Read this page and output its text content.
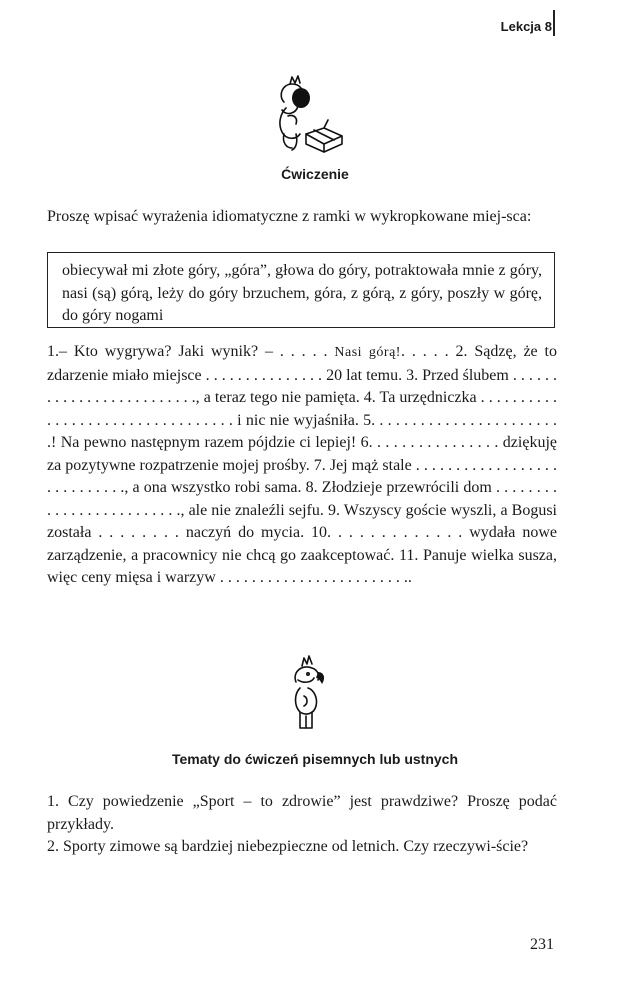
Lekcja 8
Ćwiczenie
Proszę wpisać wyrażenia idiomatyczne z ramki w wykropkowane miej-sca:
obiecywał mi złote góry, „góra”, głowa do góry, potraktowała mnie z góry, nasi (są) górą, leży do góry brzuchem, góra, z górą, z góry, poszły w górę, do góry nogami
1.– Kto wygrywa? Jaki wynik? – . . . . . Nasi górą!. . . . . 2. Sądzę, że to zdarzenie miało miejsce . . . . . . . . . . . . . . . 20 lat temu. 3. Przed ślubem . . . . . . . . . . . . . . . . . . . . . . . . ., a teraz tego nie pamięta. 4. Ta urzędniczka . . . . . . . . . . . . . . . . . . . . . . . . . . . . . . . . . i nic nie wyjaśniła. 5. . . . . . . . . . . . . . . . . . . . . . . .! Na pewno następnym razem pójdzie ci lepiej! 6. . . . . . . . . . . . . . . . dziękuję za pozytywne rozpatrzenie mojej prośby. 7. Jej mąż stale . . . . . . . . . . . . . . . . . . . . . . . . . . . ., a ona wszystko robi sama. 8. Złodzieje przewrócili dom . . . . . . . . . . . . . . . . . . . . . . . . ., ale nie znaleźli sejfu. 9. Wszyscy goście wyszli, a Bogusi została . . . . . . . . naczyń do mycia. 10. . . . . . . . . . . . . wydała nowe zarządzenie, a pracownicy nie chcą go zaakceptować. 11. Panuje wielka susza, więc ceny mięsa i warzyw . . . . . . . . . . . . . . . . . . . . . . . ..
Tematy do ćwiczeń pisemnych lub ustnych
1. Czy powiedzenie „Sport – to zdrowie” jest prawdziwe? Proszę podać przykłady.
2. Sporty zimowe są bardziej niebezpieczne od letnich. Czy rzeczywi-ście?
231
